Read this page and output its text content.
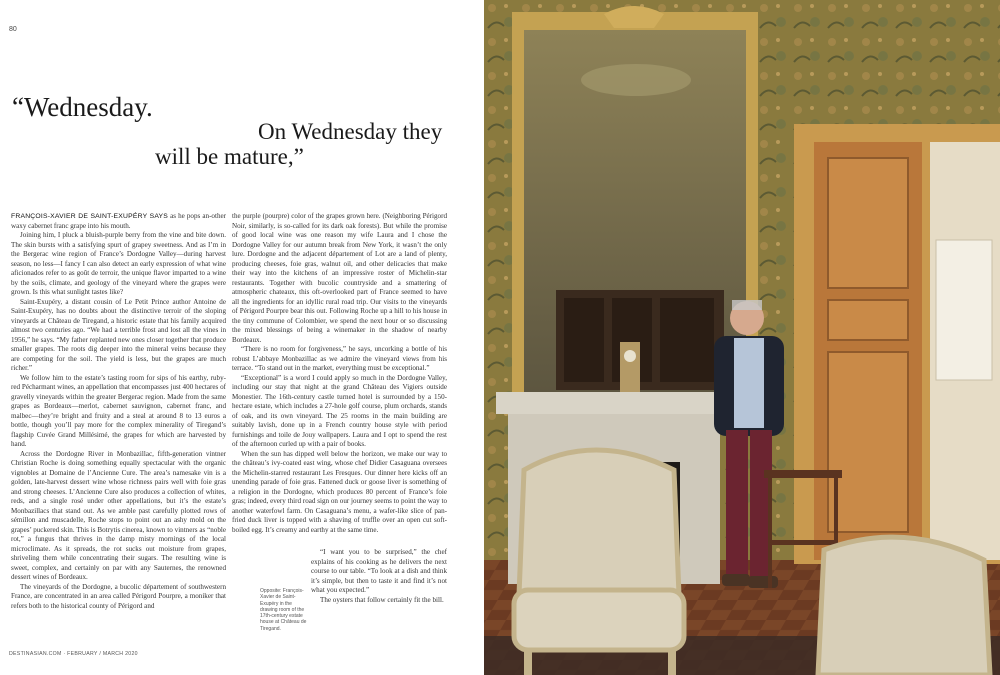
80
“Wednesday.
On Wednesday they
will be mature,”

FRANÇOIS-XAVIER DE SAINT-EXUPÉRY SAYS as he pops an-other waxy cabernet franc grape into his mouth.

Joining him, I pluck a bluish-purple berry from the vine and bite down. The skin bursts with a satisfying spurt of grapey sweetness. And as I’m in the Bergerac wine region of France’s Dordogne Valley—during harvest season, no less—I fancy I can also detect an early expression of what wine aficionados refer to as goût de terroir, the unique flavor imparted to a wine by the soils, climate, and geology of the vineyard where the grapes were grown. Is this what sunlight tastes like?

Saint-Exupéry, a distant cousin of Le Petit Prince author Antoine de Saint-Exupéry, has no doubts about the distinctive terroir of the sloping vineyards at Château de Tiregand, a historic estate that his family acquired almost two centuries ago. “We had a terrible frost and lost all the vines in 1956,” he says. “My father replanted new ones closer together that produce smaller grapes. The roots dig deeper into the mineral veins because they are competing for the soil. The yield is less, but the grapes are much richer.”

We follow him to the estate’s tasting room for sips of his earthy, ruby-red Pécharmant wines, an appellation that encompasses just 400 hectares of gravelly vineyards within the greater Bergerac region. Made from the same grapes as Bordeaux—merlot, cabernet sauvignon, cabernet franc, and malbec—they’re bright and fruity and a steal at around 8 to 13 euros a bottle, though you’ll pay more for the complex minerality of Tiregand’s flagship Cuvée Grand Millésimé, the grapes for which are harvested by hand.

Across the Dordogne River in Monbazillac, fifth-generation vintner Christian Roche is doing something equally spectacular with the organic vignobles at Domaine de l’Ancienne Cure. The area’s namesake vin is a golden, late-harvest dessert wine whose richness pairs well with foie gras and strong cheeses. L’Ancienne Cure also produces a collection of whites, reds, and a single rosé under other appellations, but it’s the estate’s Monbazillacs that stand out. As we amble past carefully plotted rows of sémillon and muscadelle, Roche stops to point out an ashy mold on the grapes’ puckered skin. This is Botrytis cinerea, known to vintners as “noble rot,” a fungus that thrives in the damp misty mornings of the local microclimate. As it spreads, the rot sucks out moisture from grapes, shriveling them while concentrating their sugars. The resulting wine is sweet, complex, and certainly on par with any Sauternes, the renowned dessert wines of Bordeaux.

The vineyards of the Dordogne, a bucolic département of southwestern France, are concentrated in an area called Périgord Pourpre, a moniker that refers both to the historical county of Périgord and

the purple (pourpre) color of the grapes grown here. (Neighboring Périgord Noir, similarly, is so-called for its dark oak forests). But while the promise of good local wine was one reason my wife Laura and I chose the Dordogne Valley for our autumn break from New York, it wasn’t the only lure. Dordogne and the adjacent département of Lot are a land of plenty, producing cheeses, foie gras, walnut oil, and other delicacies that make their way into the kitchens of an impressive roster of Michelin-star restaurants. Together with bucolic countryside and a smattering of atmospheric chateaux, this oft-overlooked part of France seemed to have all the ingredients for an idyllic rural road trip. Our visits to the vineyards of Périgord Pourpre bear this out. Following Roche up a hill to his house in the tiny commune of Colombier, we spend the next hour or so discussing the mixed blessings of being a winemaker in the shadow of nearby Bordeaux.

“There is no room for forgiveness,” he says, uncorking a bottle of his robust L’abbaye Monbazillac as we admire the vineyard views from his terrace. “To stand out in the market, everything must be exceptional.”

“Exceptional” is a word I could apply so much in the Dordogne Valley, including our stay that night at the grand Château des Vigiers outside Monestier. The 16th-century castle turned hotel is surrounded by a 150-hectare estate, which includes a 27-hole golf course, plum orchards, stands of oak, and its own vineyard. The 25 rooms in the main building are suitably lavish, done up in a French country house style with period furnishings and toile de Jouy wallpapers. Laura and I opt to spend the rest of the afternoon curled up with a pair of books.

When the sun has dipped well below the horizon, we make our way to the château’s ivy-coated east wing, whose chef Didier Casaguana oversees the Michelin-starred restaurant Les Fresques. Our dinner here kicks off an unending parade of foie gras. Fattened duck or goose liver is something of a religion in the Dordogne, which produces 80 percent of France’s foie gras; indeed, every third road sign on our journey seems to point the way to another waterfowl farm. On Casaguana’s menu, a wafer-like slice of pan-fried duck liver is topped with a shaving of truffle over an open cut soft-boiled egg. It’s creamy and earthy at the same time.

Opposite: François-Xavier de Saint-Exupéry in the drawing room of the 17th-century estate house at Château de Tiregand.

“I want you to be surprised,” the chef explains of his cooking as he delivers the next course to our table. “To look at a dish and think it’s simple, but then to taste it and find it’s not what you expected.”

The oysters that follow certainly fit the bill.

DESTINASIAN.COM · FEBRUARY / MARCH 2020
